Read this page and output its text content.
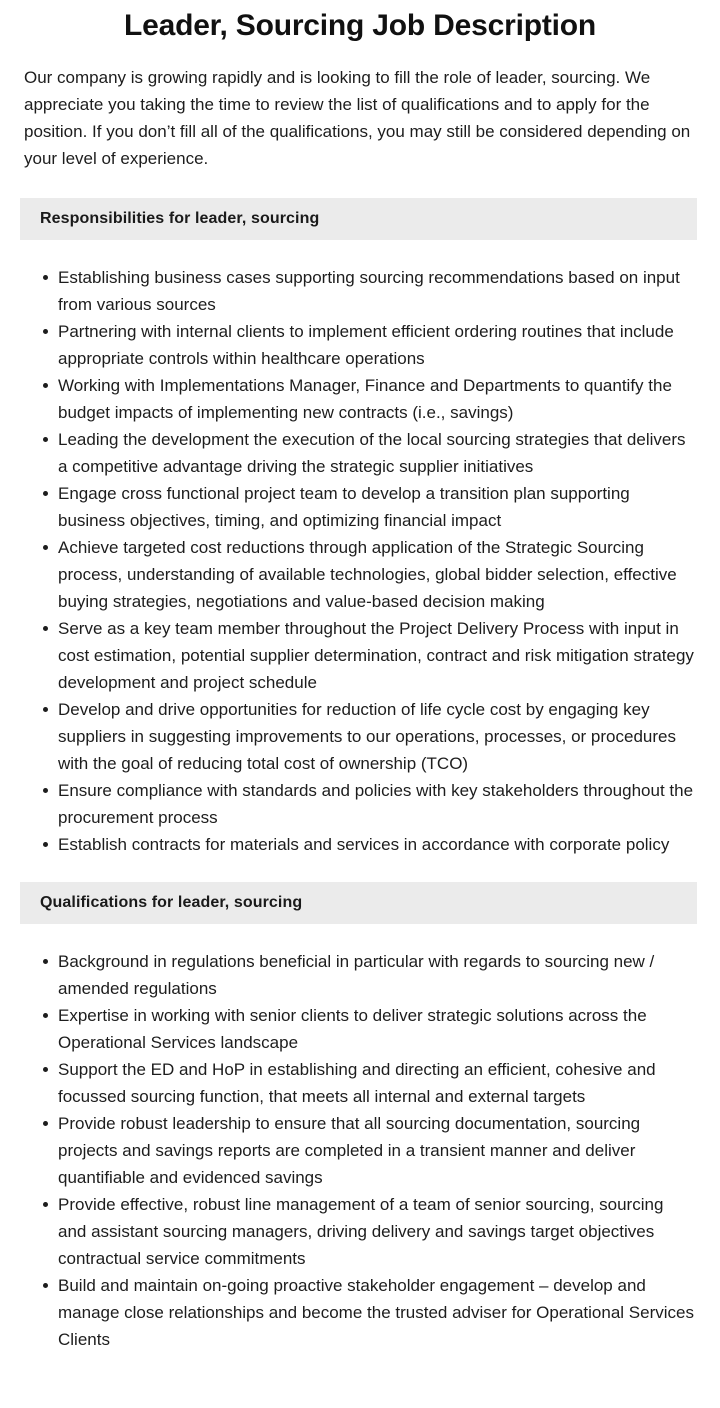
Leader, Sourcing Job Description

Our company is growing rapidly and is looking to fill the role of leader, sourcing. We appreciate you taking the time to review the list of qualifications and to apply for the position. If you don’t fill all of the qualifications, you may still be considered depending on your level of experience.

Responsibilities for leader, sourcing
Establishing business cases supporting sourcing recommendations based on input from various sources
Partnering with internal clients to implement efficient ordering routines that include appropriate controls within healthcare operations
Working with Implementations Manager, Finance and Departments to quantify the budget impacts of implementing new contracts (i.e., savings)
Leading the development the execution of the local sourcing strategies that delivers a competitive advantage driving the strategic supplier initiatives
Engage cross functional project team to develop a transition plan supporting business objectives, timing, and optimizing financial impact
Achieve targeted cost reductions through application of the Strategic Sourcing process, understanding of available technologies, global bidder selection, effective buying strategies, negotiations and value-based decision making
Serve as a key team member throughout the Project Delivery Process with input in cost estimation, potential supplier determination, contract and risk mitigation strategy development and project schedule
Develop and drive opportunities for reduction of life cycle cost by engaging key suppliers in suggesting improvements to our operations, processes, or procedures with the goal of reducing total cost of ownership (TCO)
Ensure compliance with standards and policies with key stakeholders throughout the procurement process
Establish contracts for materials and services in accordance with corporate policy
Qualifications for leader, sourcing
Background in regulations beneficial in particular with regards to sourcing new / amended regulations
Expertise in working with senior clients to deliver strategic solutions across the Operational Services landscape
Support the ED and HoP in establishing and directing an efficient, cohesive and focussed sourcing function, that meets all internal and external targets
Provide robust leadership to ensure that all sourcing documentation, sourcing projects and savings reports are completed in a transient manner and deliver quantifiable and evidenced savings
Provide effective, robust line management of a team of senior sourcing, sourcing and assistant sourcing managers, driving delivery and savings target objectives contractual service commitments
Build and maintain on-going proactive stakeholder engagement – develop and manage close relationships and become the trusted adviser for Operational Services Clients
